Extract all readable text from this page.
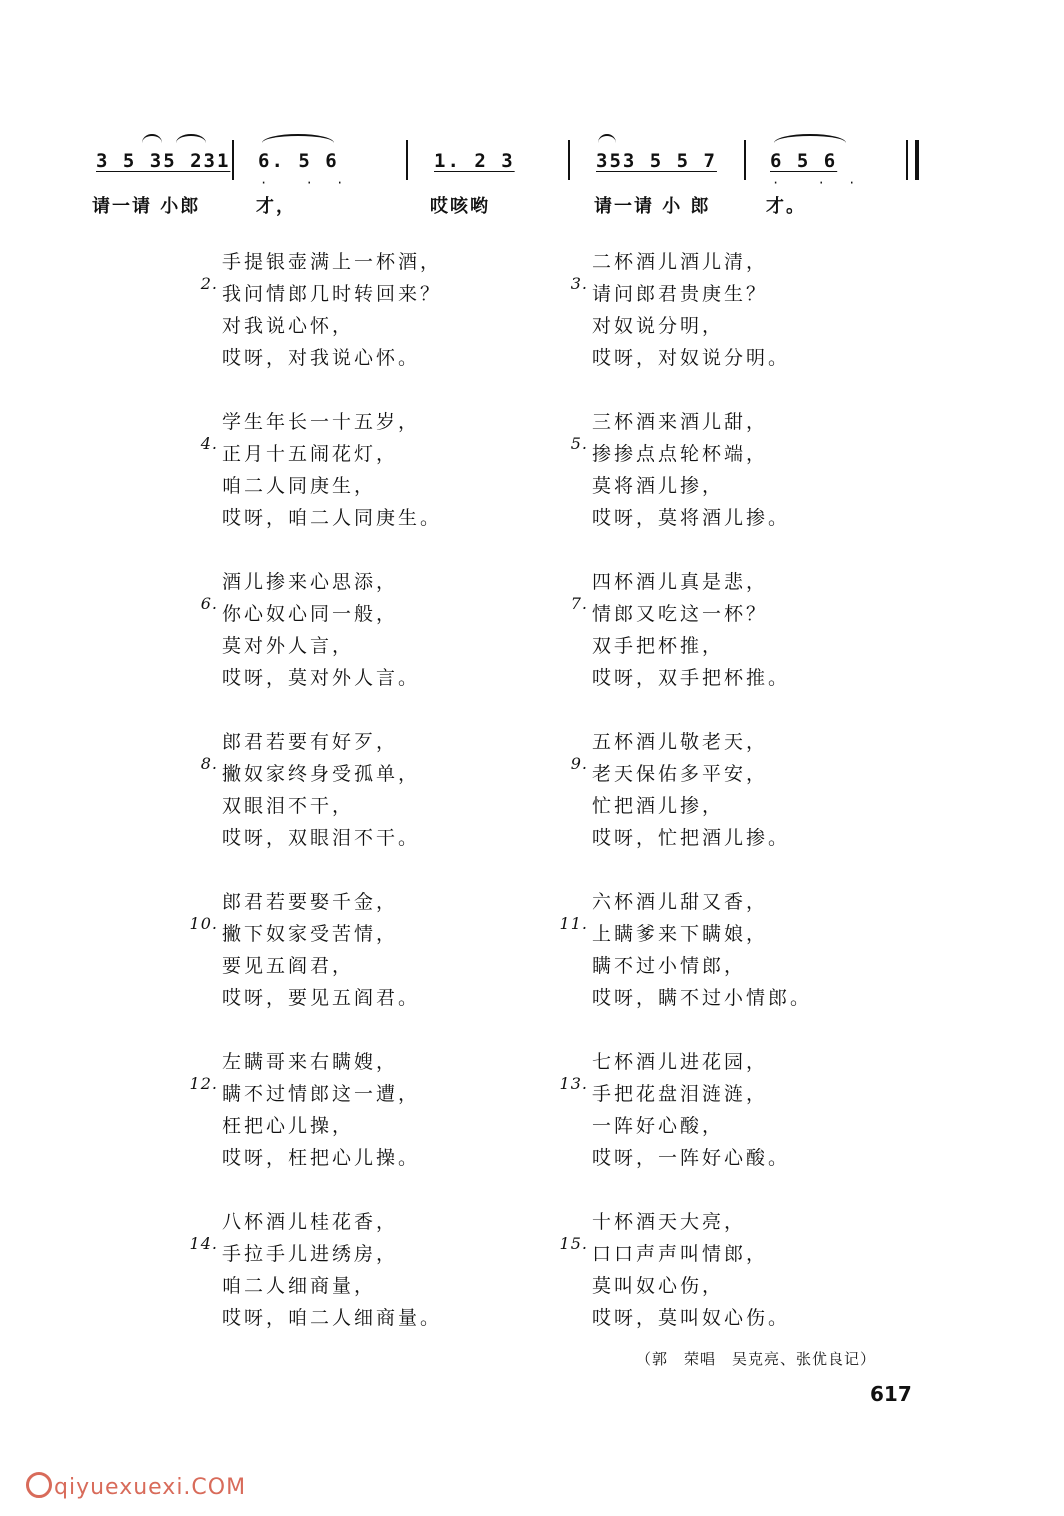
3 5 35 231
请一请 小郎
6. 5 6
·  · ·
才，
1. 2 3
哎咳哟
353 5 5 7
请一请 小 郎
6 5 6
·  · ·
才。
2.
手提银壶满上一杯酒，
我问情郎几时转回来？
对我说心怀，
哎呀，对我说心怀。
4.
学生年长一十五岁，
正月十五闹花灯，
咱二人同庚生，
哎呀，咱二人同庚生。
6.
酒儿掺来心思添，
你心奴心同一般，
莫对外人言，
哎呀，莫对外人言。
8.
郎君若要有好歹，
撇奴家终身受孤单，
双眼泪不干，
哎呀，双眼泪不干。
10.
郎君若要娶千金，
撇下奴家受苦情，
要见五阎君，
哎呀，要见五阎君。
12.
左瞒哥来右瞒嫂，
瞒不过情郎这一遭，
枉把心儿操，
哎呀，枉把心儿操。
14.
八杯酒儿桂花香，
手拉手儿进绣房，
咱二人细商量，
哎呀，咱二人细商量。
3.
二杯酒儿酒儿清，
请问郎君贵庚生？
对奴说分明，
哎呀，对奴说分明。
5.
三杯酒来酒儿甜，
掺掺点点轮杯端，
莫将酒儿掺，
哎呀，莫将酒儿掺。
7.
四杯酒儿真是悲，
情郎又吃这一杯？
双手把杯推，
哎呀，双手把杯推。
9.
五杯酒儿敬老天，
老天保佑多平安，
忙把酒儿掺，
哎呀，忙把酒儿掺。
11.
六杯酒儿甜又香，
上瞒爹来下瞒娘，
瞒不过小情郎，
哎呀，瞒不过小情郎。
13.
七杯酒儿进花园，
手把花盘泪涟涟，
一阵好心酸，
哎呀，一阵好心酸。
15.
十杯酒天大亮，
口口声声叫情郎，
莫叫奴心伤，
哎呀，莫叫奴心伤。
（郭　荣唱　吴克亮、张优良记）
617
qiyuexuexi.COM
